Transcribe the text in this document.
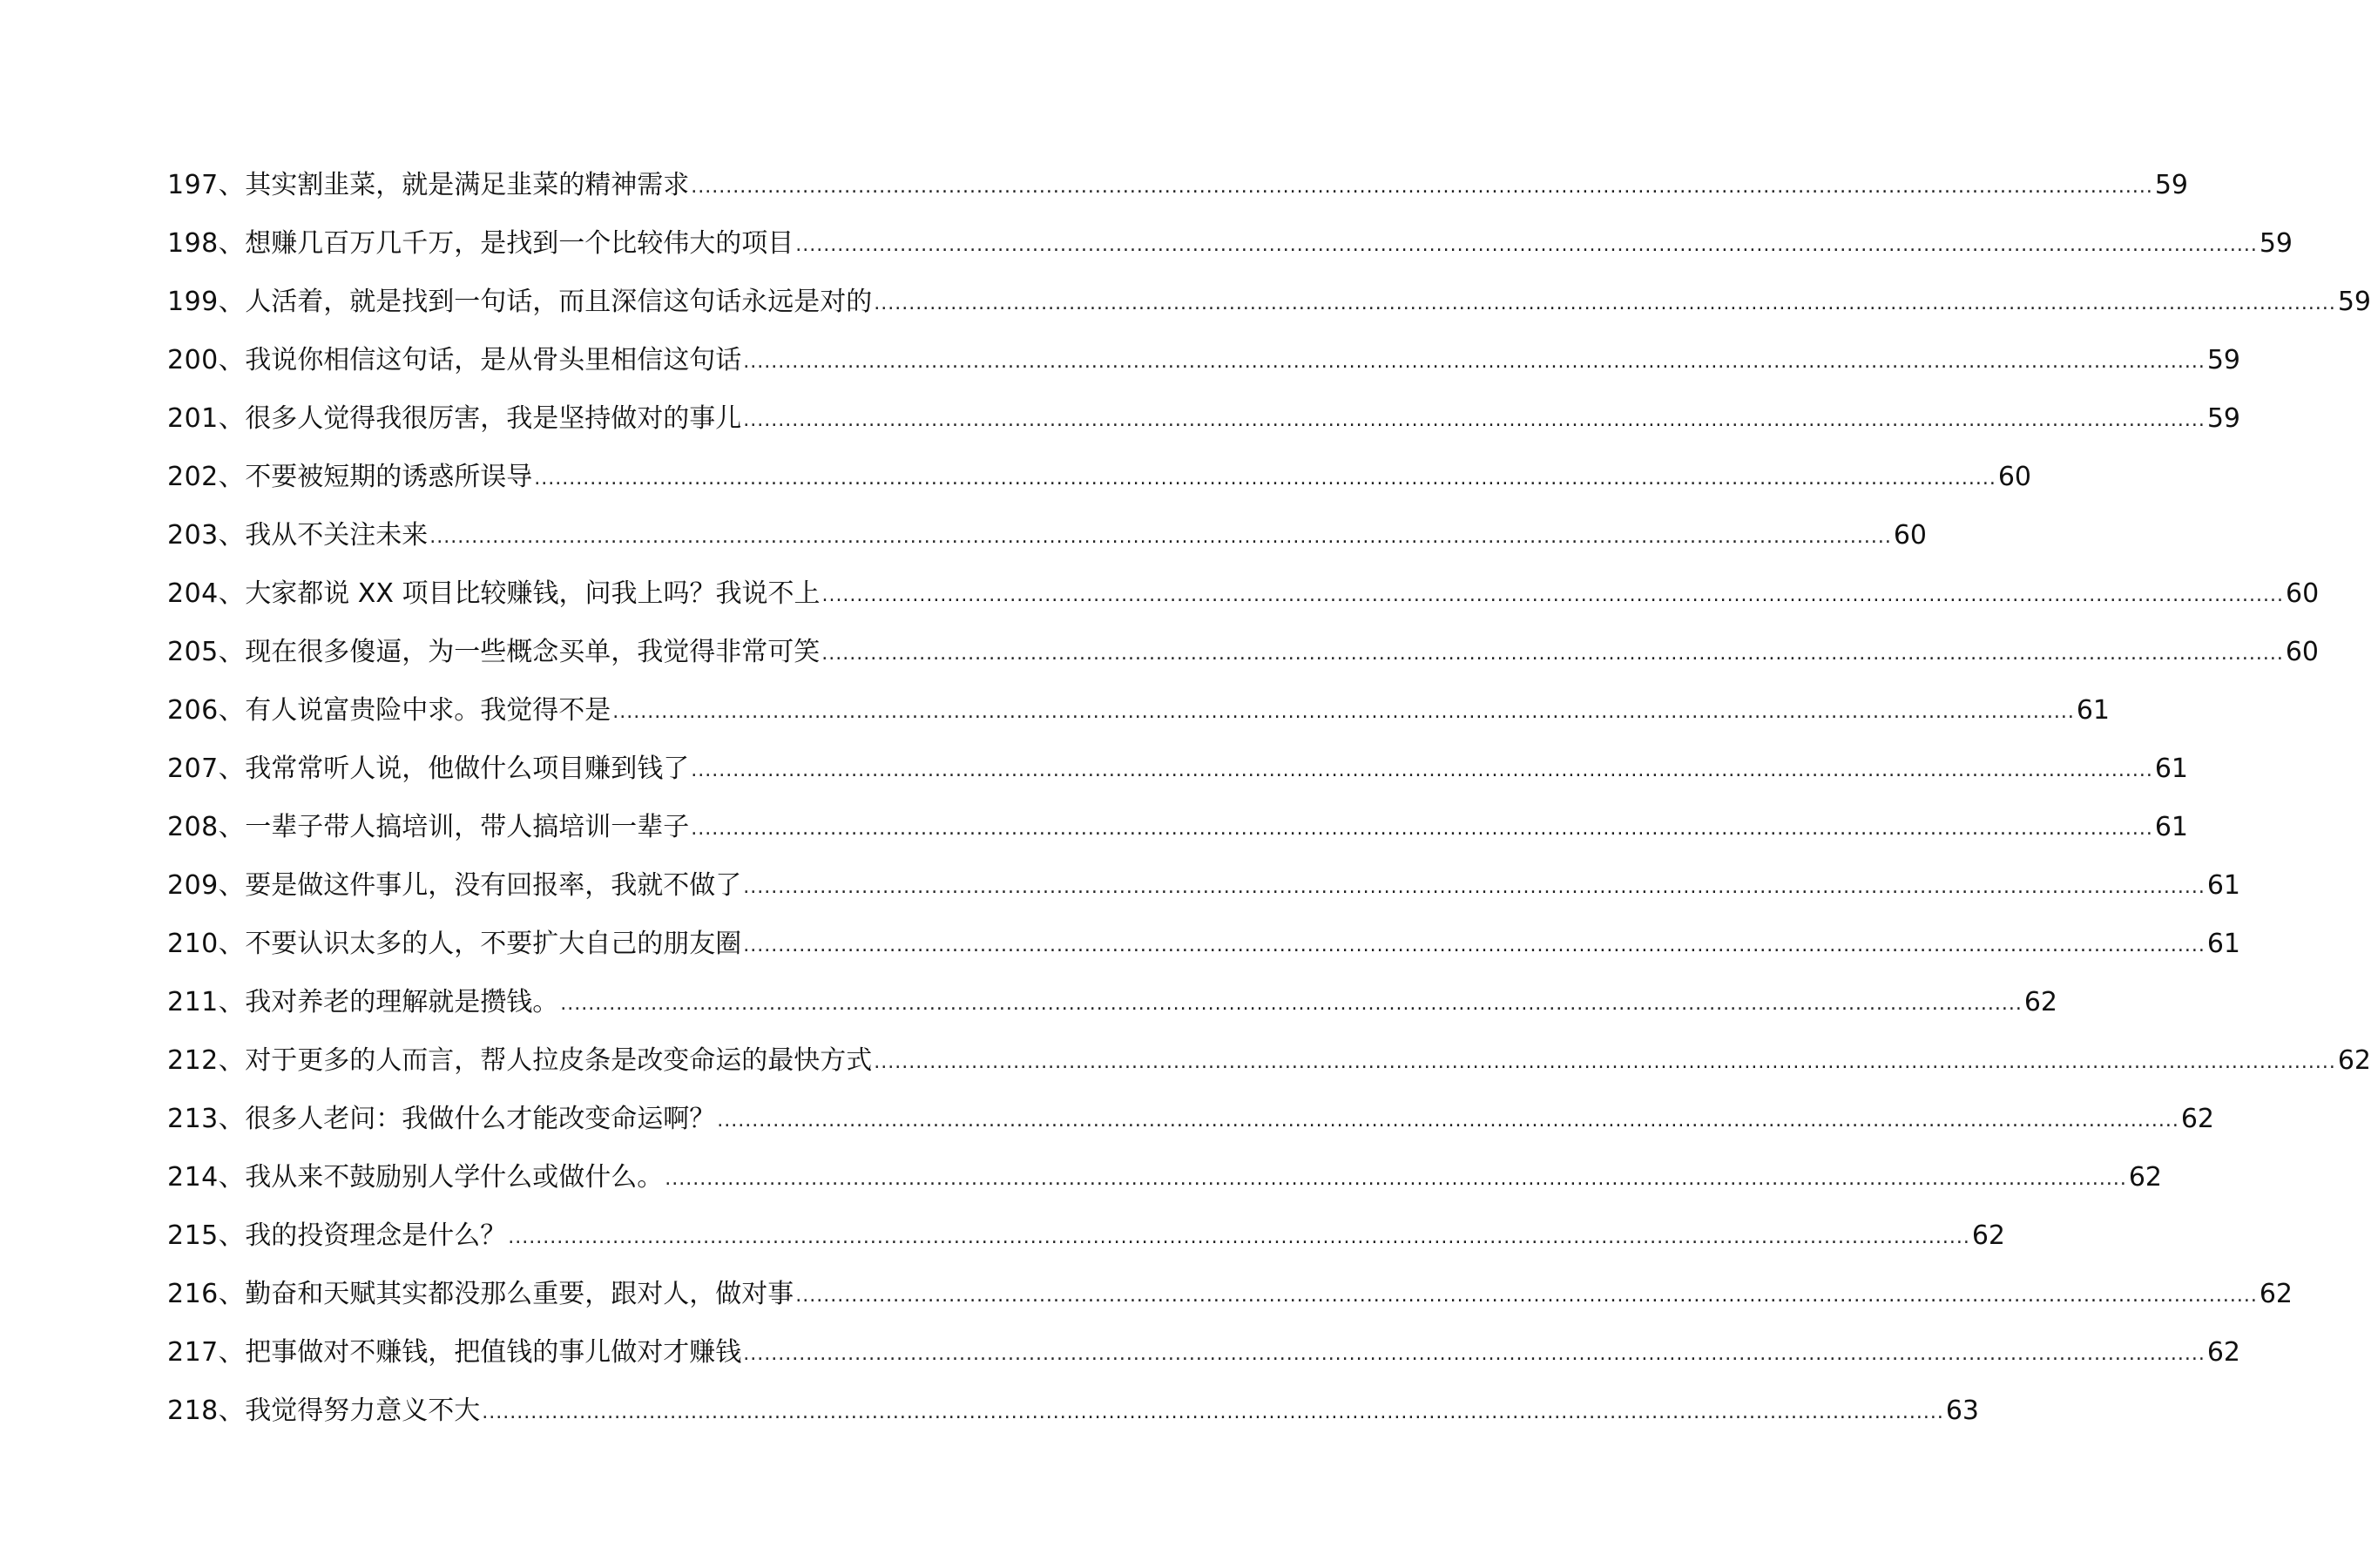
197、 其实割韭菜，就是满足韭菜的精神需求 .....	59
198、 想赚几百万几千万，是找到一个比较伟大的项目 .....	59
199、 人活着，就是找到一句话，而且深信这句话永远是对的 .....	59
200、 我说你相信这句话，是从骨头里相信这句话 .....	59
201、 很多人觉得我很厉害，我是坚持做对的事儿 .....	59
202、 不要被短期的诱惑所误导 .....	60
203、 我从不关注未来 .....	60
204、 大家都说 XX 项目比较赚钱，问我上吗？我说不上 .....	60
205、 现在很多傻逼，为一些概念买单，我觉得非常可笑 .....	60
206、 有人说富贵险中求。我觉得不是 .....	61
207、 我常常听人说，他做什么项目赚到钱了 .....	61
208、 一辈子带人搞培训，带人搞培训一辈子 .....	61
209、 要是做这件事儿，没有回报率，我就不做了 .....	61
210、 不要认识太多的人，不要扩大自己的朋友圈 .....	61
211、 我对养老的理解就是攒钱。 .....	62
212、 对于更多的人而言，帮人拉皮条是改变命运的最快方式 .....	62
213、 很多人老问：我做什么才能改变命运啊？ .....	62
214、 我从来不鼓励别人学什么或做什么。 .....	62
215、 我的投资理念是什么？ .....	62
216、 勤奋和天赋其实都没那么重要，跟对人，做对事 .....	62
217、 把事做对不赚钱，把值钱的事儿做对才赚钱 .....	62
218、 我觉得努力意义不大 .....	63
